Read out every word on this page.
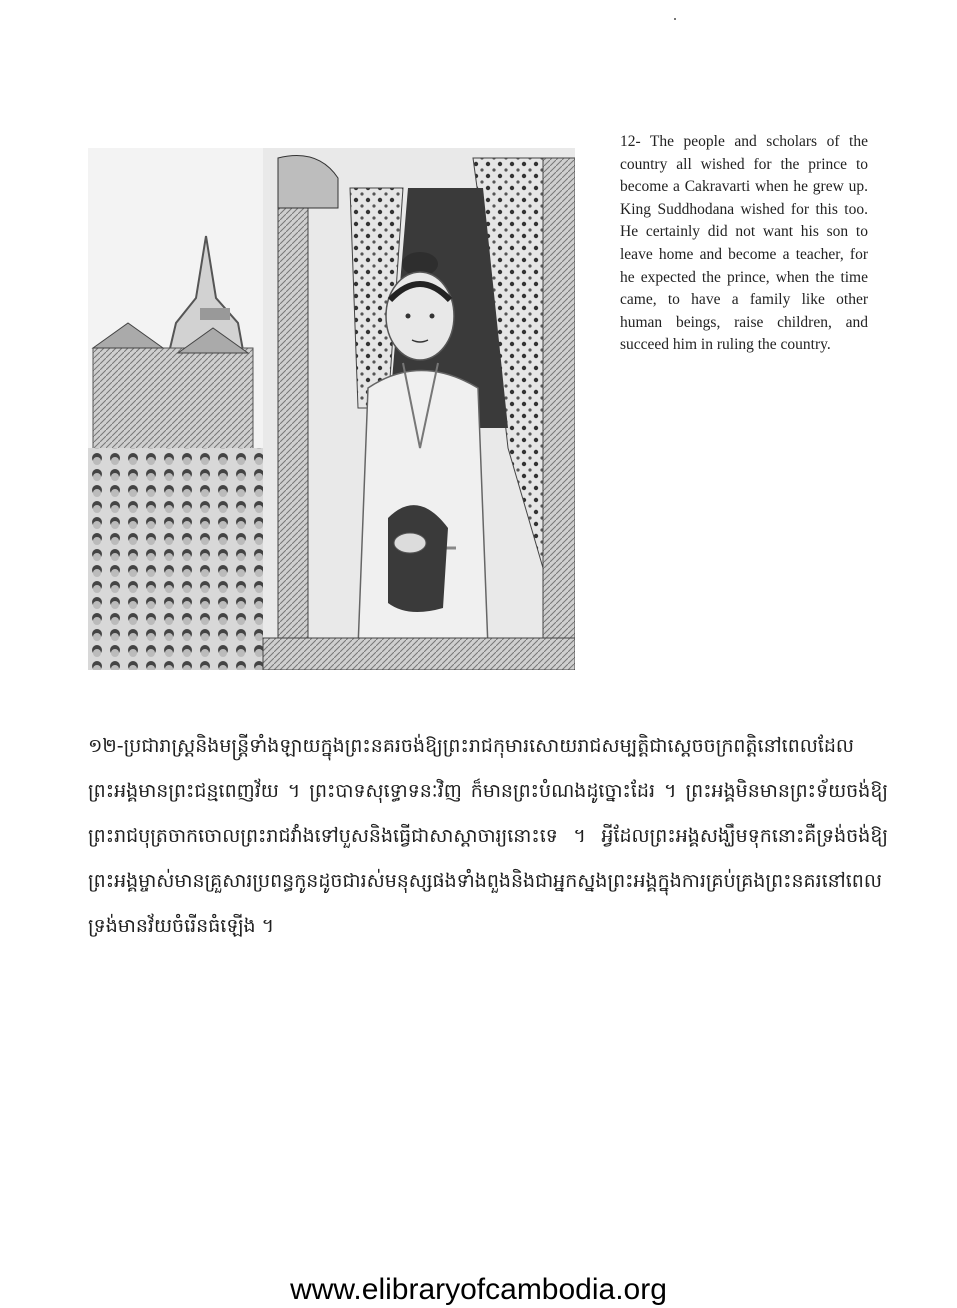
12- The people and scholars of the country all wished for the prince to become a Cakravarti when he grew up. King Suddhodana wished for this too. He certainly did not want his son to leave home and become a teacher, for he expected the prince, when the time came, to have a family like other human beings, raise children, and succeed him in ruling the country.
១២-ប្រជារាស្ត្រនិងមន្ត្រីទាំងឡាយក្នុងព្រះនគរចង់ឱ្យព្រះរាជកុមារសោយរាជសម្បត្តិជាស្តេចចក្រពត្តិនៅពេលដែលព្រះអង្គមានព្រះជន្មពេញវ័យ ។ ព្រះបាទសុទ្ធោទនៈវិញ ក៏មានព្រះបំណងដូច្នោះដែរ ។ ព្រះអង្គមិនមានព្រះទ័យចង់ឱ្យព្រះរាជបុត្រចាកចោលព្រះរាជវាំងទៅបួសនិងធ្វើជាសាស្តាចារ្យនោះទេ ។ អ្វីដែលព្រះអង្គសង្ឃឹមទុកនោះគឺទ្រង់ចង់ឱ្យព្រះអង្គម្ចាស់មានគ្រួសារប្រពន្ធកូនដូចជារស់មនុស្សផងទាំងពួងនិងជាអ្នកស្នងព្រះអង្គក្នុងការគ្រប់គ្រងព្រះនគរនៅពេលទ្រង់មានវ័យចំរើនធំឡើង ។
www.elibraryofcambodia.org
